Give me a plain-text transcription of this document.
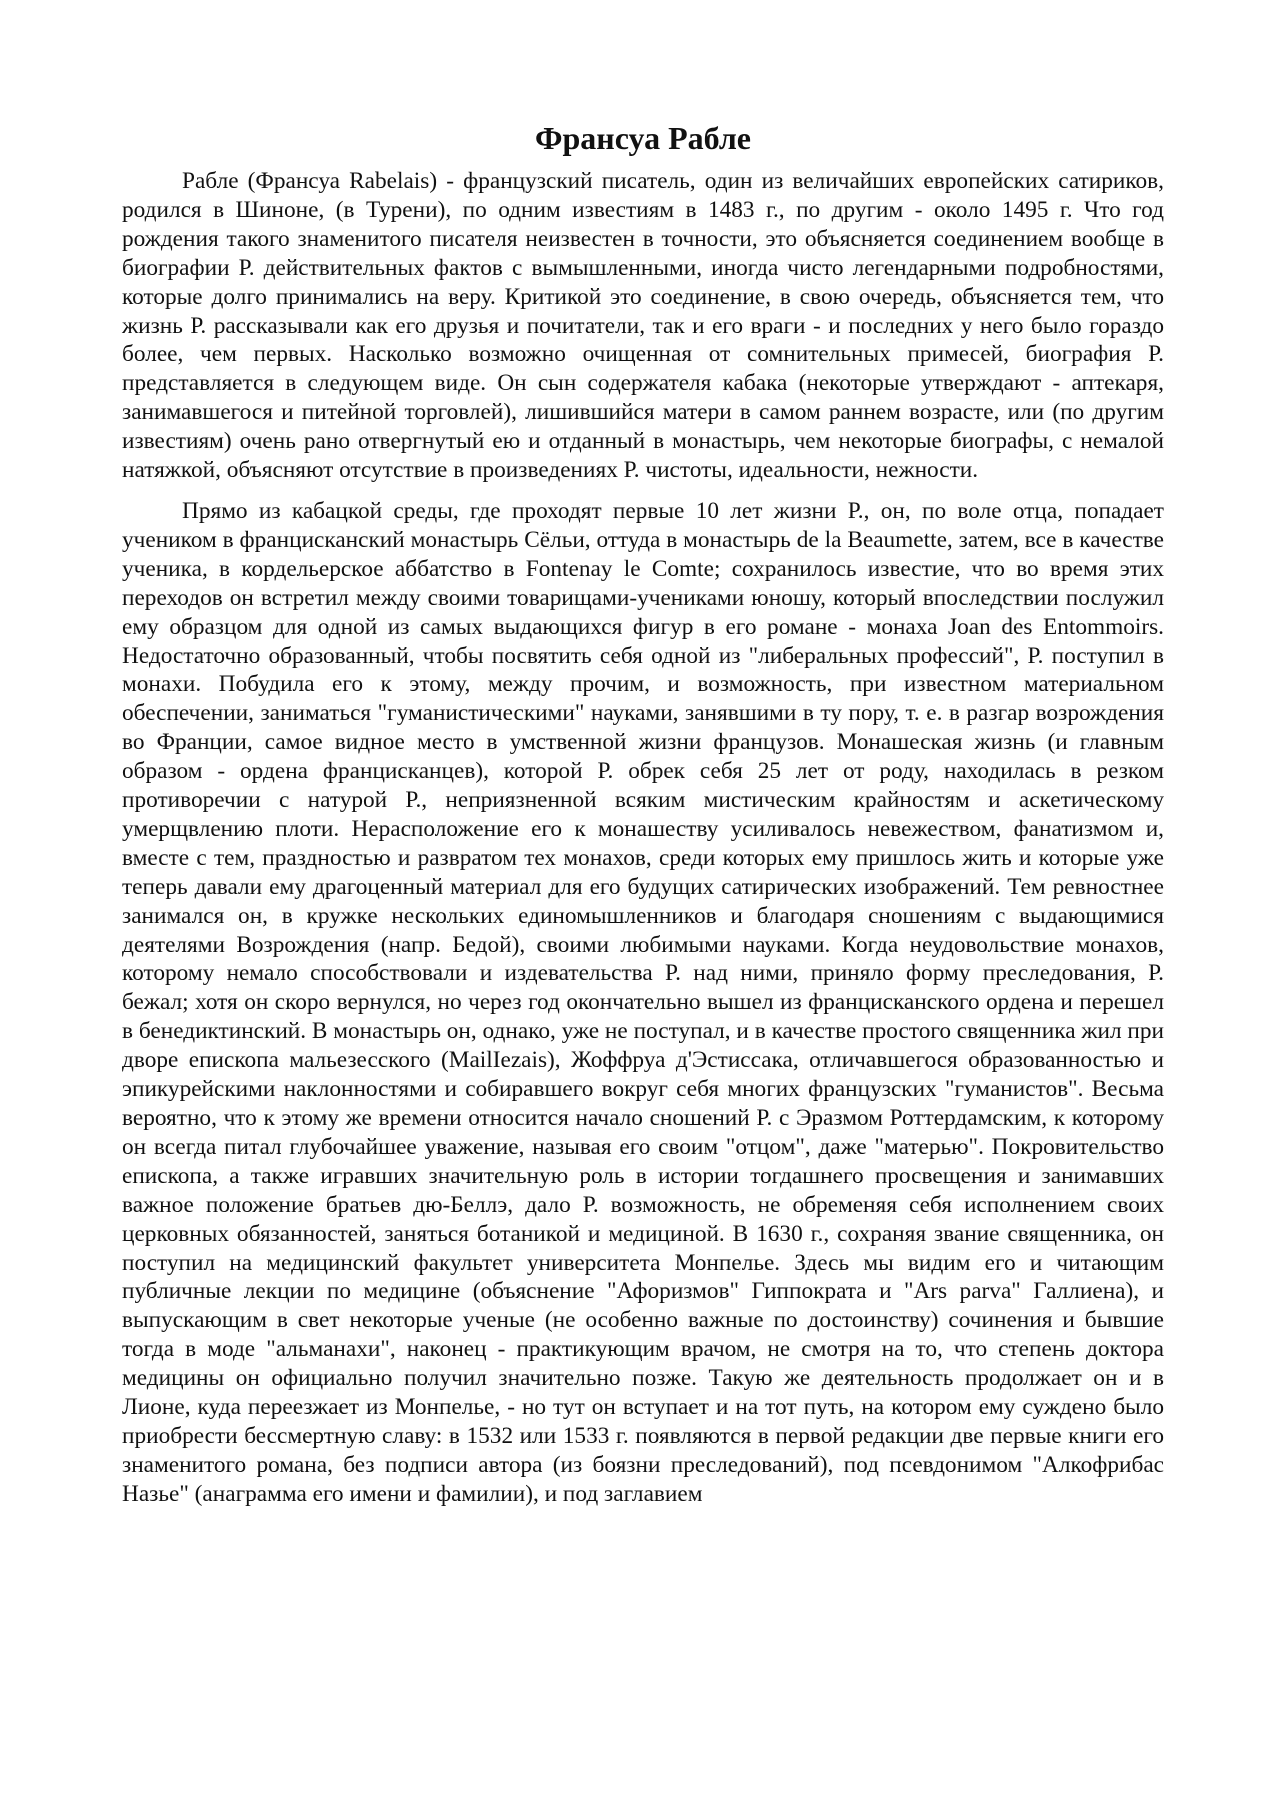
Франсуа Рабле

Рабле (Франсуа Rabelais) - французский писатель, один из величайших европейских сатириков, родился в Шиноне, (в Турени), по одним известиям в 1483 г., по другим - около 1495 г. Что год рождения такого знаменитого писателя неизвестен в точности, это объясняется соединением вообще в биографии Р. действительных фактов с вымышленными, иногда чисто легендарными подробностями, которые долго принимались на веру. Критикой это соединение, в свою очередь, объясняется тем, что жизнь Р. рассказывали как его друзья и почитатели, так и его враги - и последних у него было гораздо более, чем первых. Насколько возможно очищенная от сомнительных примесей, биография Р. представляется в следующем виде. Он сын содержателя кабака (некоторые утверждают - аптекаря, занимавшегося и питейной торговлей), лишившийся матери в самом раннем возрасте, или (по другим известиям) очень рано отвергнутый ею и отданный в монастырь, чем некоторые биографы, с немалой натяжкой, объясняют отсутствие в произведениях Р. чистоты, идеальности, нежности.

Прямо из кабацкой среды, где проходят первые 10 лет жизни Р., он, по воле отца, попадает учеником в францисканский монастырь Сёльи, оттуда в монастырь de la Beaumette, затем, все в качестве ученика, в кордельерское аббатство в Fontenay le Comte; сохранилось известие, что во время этих переходов он встретил между своими товарищами-учениками юношу, который впоследствии послужил ему образцом для одной из самых выдающихся фигур в его романе - монаха Joan des Entommoirs. Недостаточно образованный, чтобы посвятить себя одной из "либеральных профессий", Р. поступил в монахи. Побудила его к этому, между прочим, и возможность, при известном материальном обеспечении, заниматься "гуманистическими" науками, занявшими в ту пору, т. е. в разгар возрождения во Франции, самое видное место в умственной жизни французов. Монашеская жизнь (и главным образом - ордена францисканцев), которой Р. обрек себя 25 лет от роду, находилась в резком противоречии с натурой Р., неприязненной всяким мистическим крайностям и аскетическому умерщвлению плоти. Нерасположение его к монашеству усиливалось невежеством, фанатизмом и, вместе с тем, праздностью и развратом тех монахов, среди которых ему пришлось жить и которые уже теперь давали ему драгоценный материал для его будущих сатирических изображений. Тем ревностнее занимался он, в кружке нескольких единомышленников и благодаря сношениям с выдающимися деятелями Возрождения (напр. Бедой), своими любимыми науками. Когда неудовольствие монахов, которому немало способствовали и издевательства Р. над ними, приняло форму преследования, Р. бежал; хотя он скоро вернулся, но через год окончательно вышел из францисканского ордена и перешел в бенедиктинский. В монастырь он, однако, уже не поступал, и в качестве простого священника жил при дворе епископа мальезесского (MailIezais), Жоффруа д'Эстиссака, отличавшегося образованностью и эпикурейскими наклонностями и собиравшего вокруг себя многих французских "гуманистов". Весьма вероятно, что к этому же времени относится начало сношений Р. с Эразмом Роттердамским, к которому он всегда питал глубочайшее уважение, называя его своим "отцом", даже "матерью". Покровительство епископа, а также игравших значительную роль в истории тогдашнего просвещения и занимавших важное положение братьев дю-Беллэ, дало Р. возможность, не обременяя себя исполнением своих церковных обязанностей, заняться ботаникой и медициной. В 1630 г., сохраняя звание священника, он поступил на медицинский факультет университета Монпелье. Здесь мы видим его и читающим публичные лекции по медицине (объяснение "Афоризмов" Гиппократа и "Ars parva" Галлиена), и выпускающим в свет некоторые ученые (не особенно важные по достоинству) сочинения и бывшие тогда в моде "альманахи", наконец - практикующим врачом, не смотря на то, что степень доктора медицины он официально получил значительно позже. Такую же деятельность продолжает он и в Лионе, куда переезжает из Монпелье, - но тут он вступает и на тот путь, на котором ему суждено было приобрести бессмертную славу: в 1532 или 1533 г. появляются в первой редакции две первые книги его знаменитого романа, без подписи автора (из боязни преследований), под псевдонимом "Алкофрибас Назье" (анаграмма его имени и фамилии), и под заглавием
